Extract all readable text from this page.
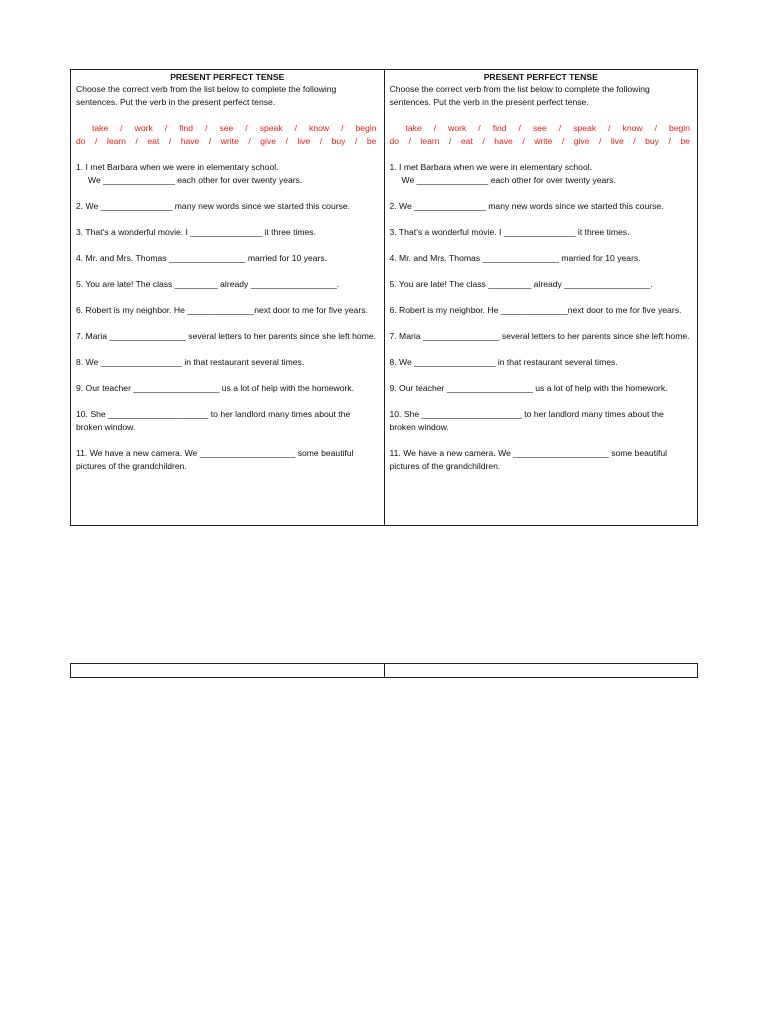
PRESENT PERFECT TENSE
Choose the correct verb from the list below to complete the following sentences. Put the verb in the present perfect tense.
take / work / find / see / speak / know / begin
do / learn / eat / have / write / give / live / buy / be
1. I met Barbara when we were in elementary school.
We _______________ each other for over twenty years.
2. We _______________ many new words since we started this course.
3. That’s a wonderful movie. I _______________ it three times.
4. Mr. and Mrs. Thomas ________________ married for 10 years.
5. You are late! The class _________ already __________________.
6. Robert is my neighbor. He ______________next door to me for five years.
7. Maria ________________ several letters to her parents since she left home.
8. We _________________ in that restaurant several times.
9. Our teacher __________________ us a lot of help with the homework.
10. She _____________________ to her landlord many times about the broken window.
11. We have a new camera. We ____________________ some beautiful pictures of the grandchildren.
PRESENT PERFECT TENSE
Choose the correct verb from the list below to complete the following sentences. Put the verb in the present perfect tense.
take / work / find / see / speak / know / begin
do / learn / eat / have / write / give / live / buy / be
1. I met Barbara when we were in elementary school.
We _______________ each other for over twenty years.
2. We _______________ many new words since we started this course.
3. That’s a wonderful movie. I _______________ it three times.
4. Mr. and Mrs. Thomas ________________ married for 10 years.
5. You are late! The class _________ already __________________.
6. Robert is my neighbor. He ______________next door to me for five years.
7. Maria ________________ several letters to her parents since she left home.
8. We _________________ in that restaurant several times.
9. Our teacher __________________ us a lot of help with the homework.
10. She _____________________ to her landlord many times about the broken window.
11. We have a new camera. We ____________________ some beautiful pictures of the grandchildren.
